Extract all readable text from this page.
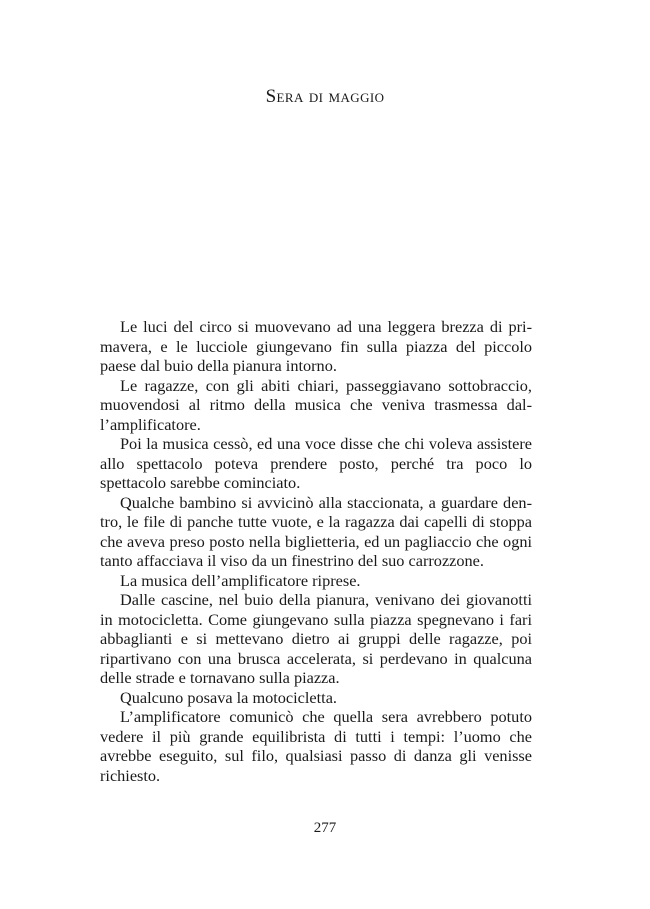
Sera di maggio

Le luci del circo si muovevano ad una leggera brezza di primavera, e le lucciole giungevano fin sulla piazza del piccolo paese dal buio della pianura intorno.

Le ragazze, con gli abiti chiari, passeggiavano sottobraccio, muovendosi al ritmo della musica che veniva trasmessa dall’amplificatore.

Poi la musica cessò, ed una voce disse che chi voleva assistere allo spettacolo poteva prendere posto, perché tra poco lo spettacolo sarebbe cominciato.

Qualche bambino si avvicinò alla staccionata, a guardare dentro, le file di panche tutte vuote, e la ragazza dai capelli di stoppa che aveva preso posto nella biglietteria, ed un pagliaccio che ogni tanto affacciava il viso da un finestrino del suo carrozzone.

La musica dell’amplificatore riprese.

Dalle cascine, nel buio della pianura, venivano dei giovanotti in motocicletta. Come giungevano sulla piazza spegnevano i fari abbaglianti e si mettevano dietro ai gruppi delle ragazze, poi ripartivano con una brusca accelerata, si perdevano in qualcuna delle strade e tornavano sulla piazza.

Qualcuno posava la motocicletta.

L’amplificatore comunicò che quella sera avrebbero potuto vedere il più grande equilibrista di tutti i tempi: l’uomo che avrebbe eseguito, sul filo, qualsiasi passo di danza gli venisse richiesto.

277
